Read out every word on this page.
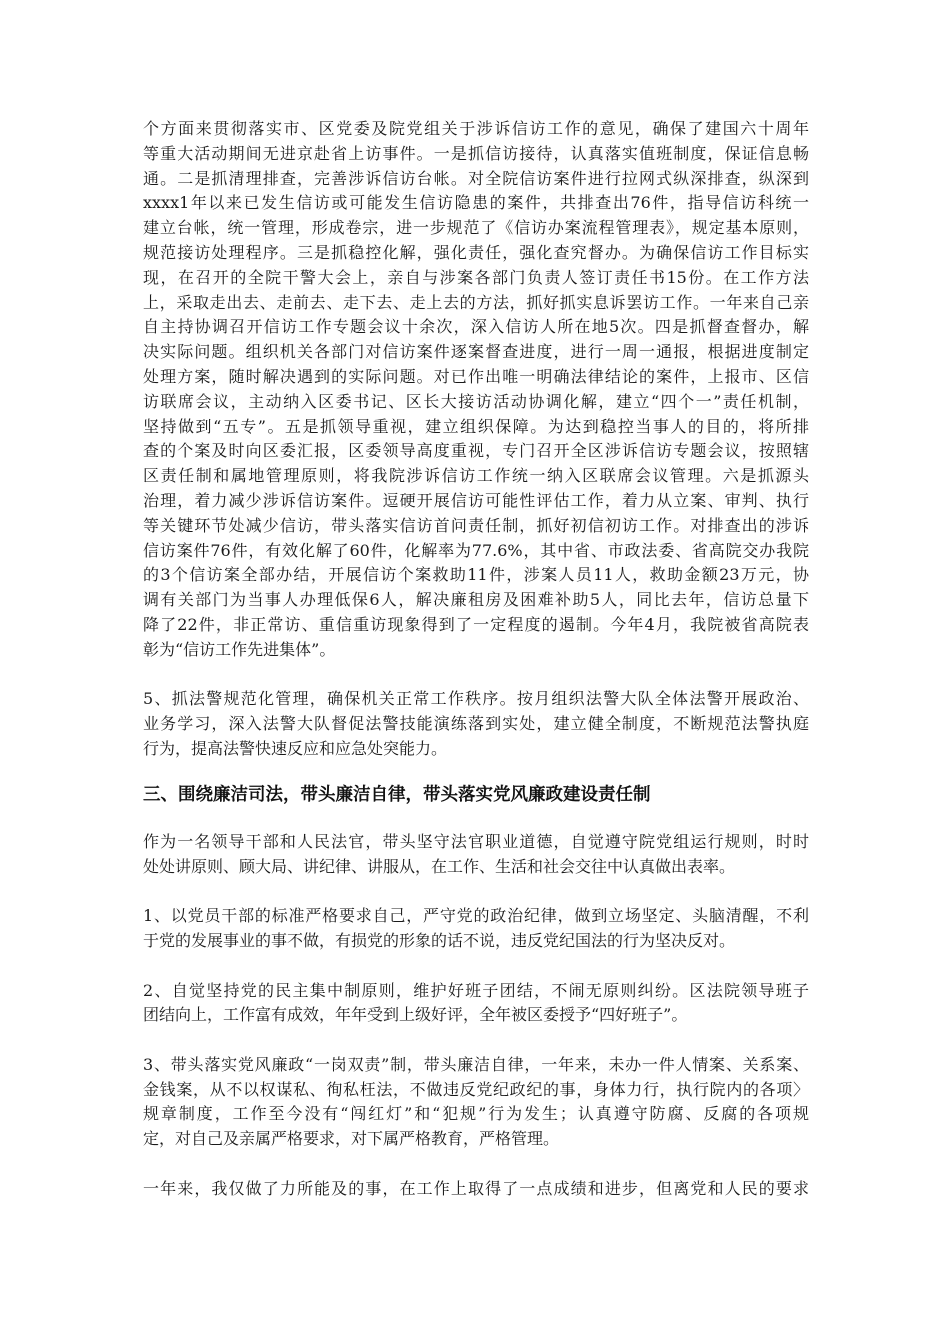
个方面来贯彻落实市、区党委及院党组关于涉诉信访工作的意见，确保了建国六十周年
等重大活动期间无进京赴省上访事件。一是抓信访接待，认真落实值班制度，保证信息畅
通。二是抓清理排查，完善涉诉信访台帐。对全院信访案件进行拉网式纵深排查，纵深到
xxxx1年以来已发生信访或可能发生信访隐患的案件，共排查出76件，指导信访科统一
建立台帐，统一管理，形成卷宗，进一步规范了《信访办案流程管理表》，规定基本原则，
规范接访处理程序。三是抓稳控化解，强化责任，强化查究督办。为确保信访工作目标实
现，在召开的全院干警大会上，亲自与涉案各部门负责人签订责任书15份。在工作方法
上，采取走出去、走前去、走下去、走上去的方法，抓好抓实息诉罢访工作。一年来自己亲
自主持协调召开信访工作专题会议十余次，深入信访人所在地5次。四是抓督查督办，解
决实际问题。组织机关各部门对信访案件逐案督查进度，进行一周一通报，根据进度制定
处理方案，随时解决遇到的实际问题。对已作出唯一明确法律结论的案件，上报市、区信
访联席会议，主动纳入区委书记、区长大接访活动协调化解，建立“四个一”责任机制，
坚持做到“五专”。五是抓领导重视，建立组织保障。为达到稳控当事人的目的，将所排
查的个案及时向区委汇报，区委领导高度重视，专门召开全区涉诉信访专题会议，按照辖
区责任制和属地管理原则，将我院涉诉信访工作统一纳入区联席会议管理。六是抓源头
治理，着力减少涉诉信访案件。逗硬开展信访可能性评估工作，着力从立案、审判、执行
等关键环节处减少信访，带头落实信访首问责任制，抓好初信初访工作。对排查出的涉诉
信访案件76件，有效化解了60件，化解率为77.6%，其中省、市政法委、省高院交办我院
的3个信访案全部办结，开展信访个案救助11件，涉案人员11人，救助金额23万元，协
调有关部门为当事人办理低保6人，解决廉租房及困难补助5人，同比去年，信访总量下
降了22件，非正常访、重信重访现象得到了一定程度的遏制。今年4月，我院被省高院表
彰为“信访工作先进集体”。
5、抓法警规范化管理，确保机关正常工作秩序。按月组织法警大队全体法警开展政治、
业务学习，深入法警大队督促法警技能演练落到实处，建立健全制度，不断规范法警执庭
行为，提高法警快速反应和应急处突能力。
三、围绕廉洁司法，带头廉洁自律，带头落实党风廉政建设责任制
作为一名领导干部和人民法官，带头坚守法官职业道德，自觉遵守院党组运行规则，时时
处处讲原则、顾大局、讲纪律、讲服从，在工作、生活和社会交往中认真做出表率。
1、以党员干部的标准严格要求自己，严守党的政治纪律，做到立场坚定、头脑清醒，不利
于党的发展事业的事不做，有损党的形象的话不说，违反党纪国法的行为坚决反对。
2、自觉坚持党的民主集中制原则，维护好班子团结，不闹无原则纠纷。区法院领导班子
团结向上，工作富有成效，年年受到上级好评，全年被区委授予“四好班子”。
3、带头落实党风廉政“一岗双责”制，带头廉洁自律，一年来，未办一件人情案、关系案、
金钱案，从不以权谋私、徇私枉法，不做违反党纪政纪的事，身体力行，执行院内的各项〉
规章制度，工作至今没有“闯红灯”和“犯规”行为发生；认真遵守防腐、反腐的各项规
定，对自己及亲属严格要求，对下属严格教育，严格管理。
一年来，我仅做了力所能及的事，在工作上取得了一点成绩和进步，但离党和人民的要求
